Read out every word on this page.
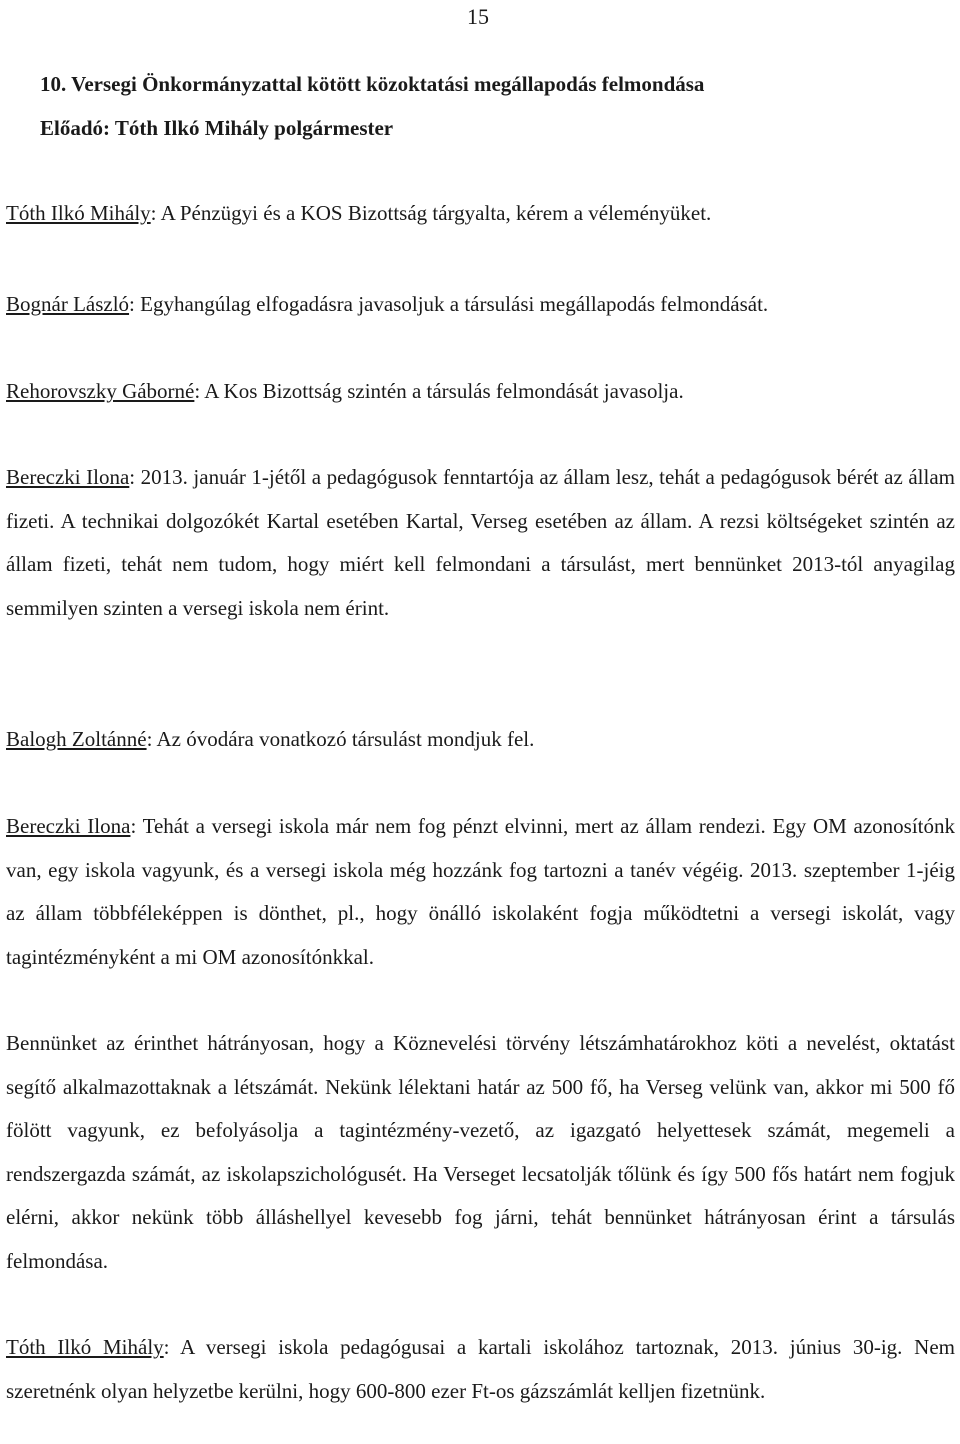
15
10. Versegi Önkormányzattal kötött közoktatási megállapodás felmondása
Előadó: Tóth Ilkó Mihály polgármester

Tóth Ilkó Mihály: A Pénzügyi és a KOS Bizottság tárgyalta, kérem a véleményüket.

Bognár László: Egyhangúlag elfogadásra javasoljuk a társulási megállapodás felmondását.

Rehorovszky Gáborné: A Kos Bizottság szintén a társulás felmondását javasolja.

Bereczki Ilona: 2013. január 1-jétől a pedagógusok fenntartója az állam lesz, tehát a pedagógusok bérét az állam fizeti. A technikai dolgozókét Kartal esetében Kartal, Verseg esetében az állam. A rezsi költségeket szintén az állam fizeti, tehát nem tudom, hogy miért kell felmondani a társulást, mert bennünket 2013-tól anyagilag semmilyen szinten a versegi iskola nem érint.

Balogh Zoltánné: Az óvodára vonatkozó társulást mondjuk fel.

Bereczki Ilona: Tehát a versegi iskola már nem fog pénzt elvinni, mert az állam rendezi. Egy OM azonosítónk van, egy iskola vagyunk, és a versegi iskola még hozzánk fog tartozni a tanév végéig. 2013. szeptember 1-jéig az állam többféleképpen is dönthet, pl., hogy önálló iskolaként fogja működtetni a versegi iskolát, vagy tagintézményként a mi OM azonosítónkkal.

Bennünket az érinthet hátrányosan, hogy a Köznevelési törvény létszámhatárokhoz köti a nevelést, oktatást segítő alkalmazottaknak a létszámát. Nekünk lélektani határ az 500 fő, ha Verseg velünk van, akkor mi 500 fő fölött vagyunk, ez befolyásolja a tagintézmény-vezető, az igazgató helyettesek számát, megemeli a rendszergazda számát, az iskolapszichológusét. Ha Verseget lecsatolják tőlünk és így 500 fős határt nem fogjuk elérni, akkor nekünk több álláshellyel kevesebb fog járni, tehát bennünket hátrányosan érint a társulás felmondása.

Tóth Ilkó Mihály: A versegi iskola pedagógusai a kartali iskolához tartoznak, 2013. június 30-ig. Nem szeretnénk olyan helyzetbe kerülni, hogy 600-800 ezer Ft-os gázszámlát kelljen fizetnünk.
